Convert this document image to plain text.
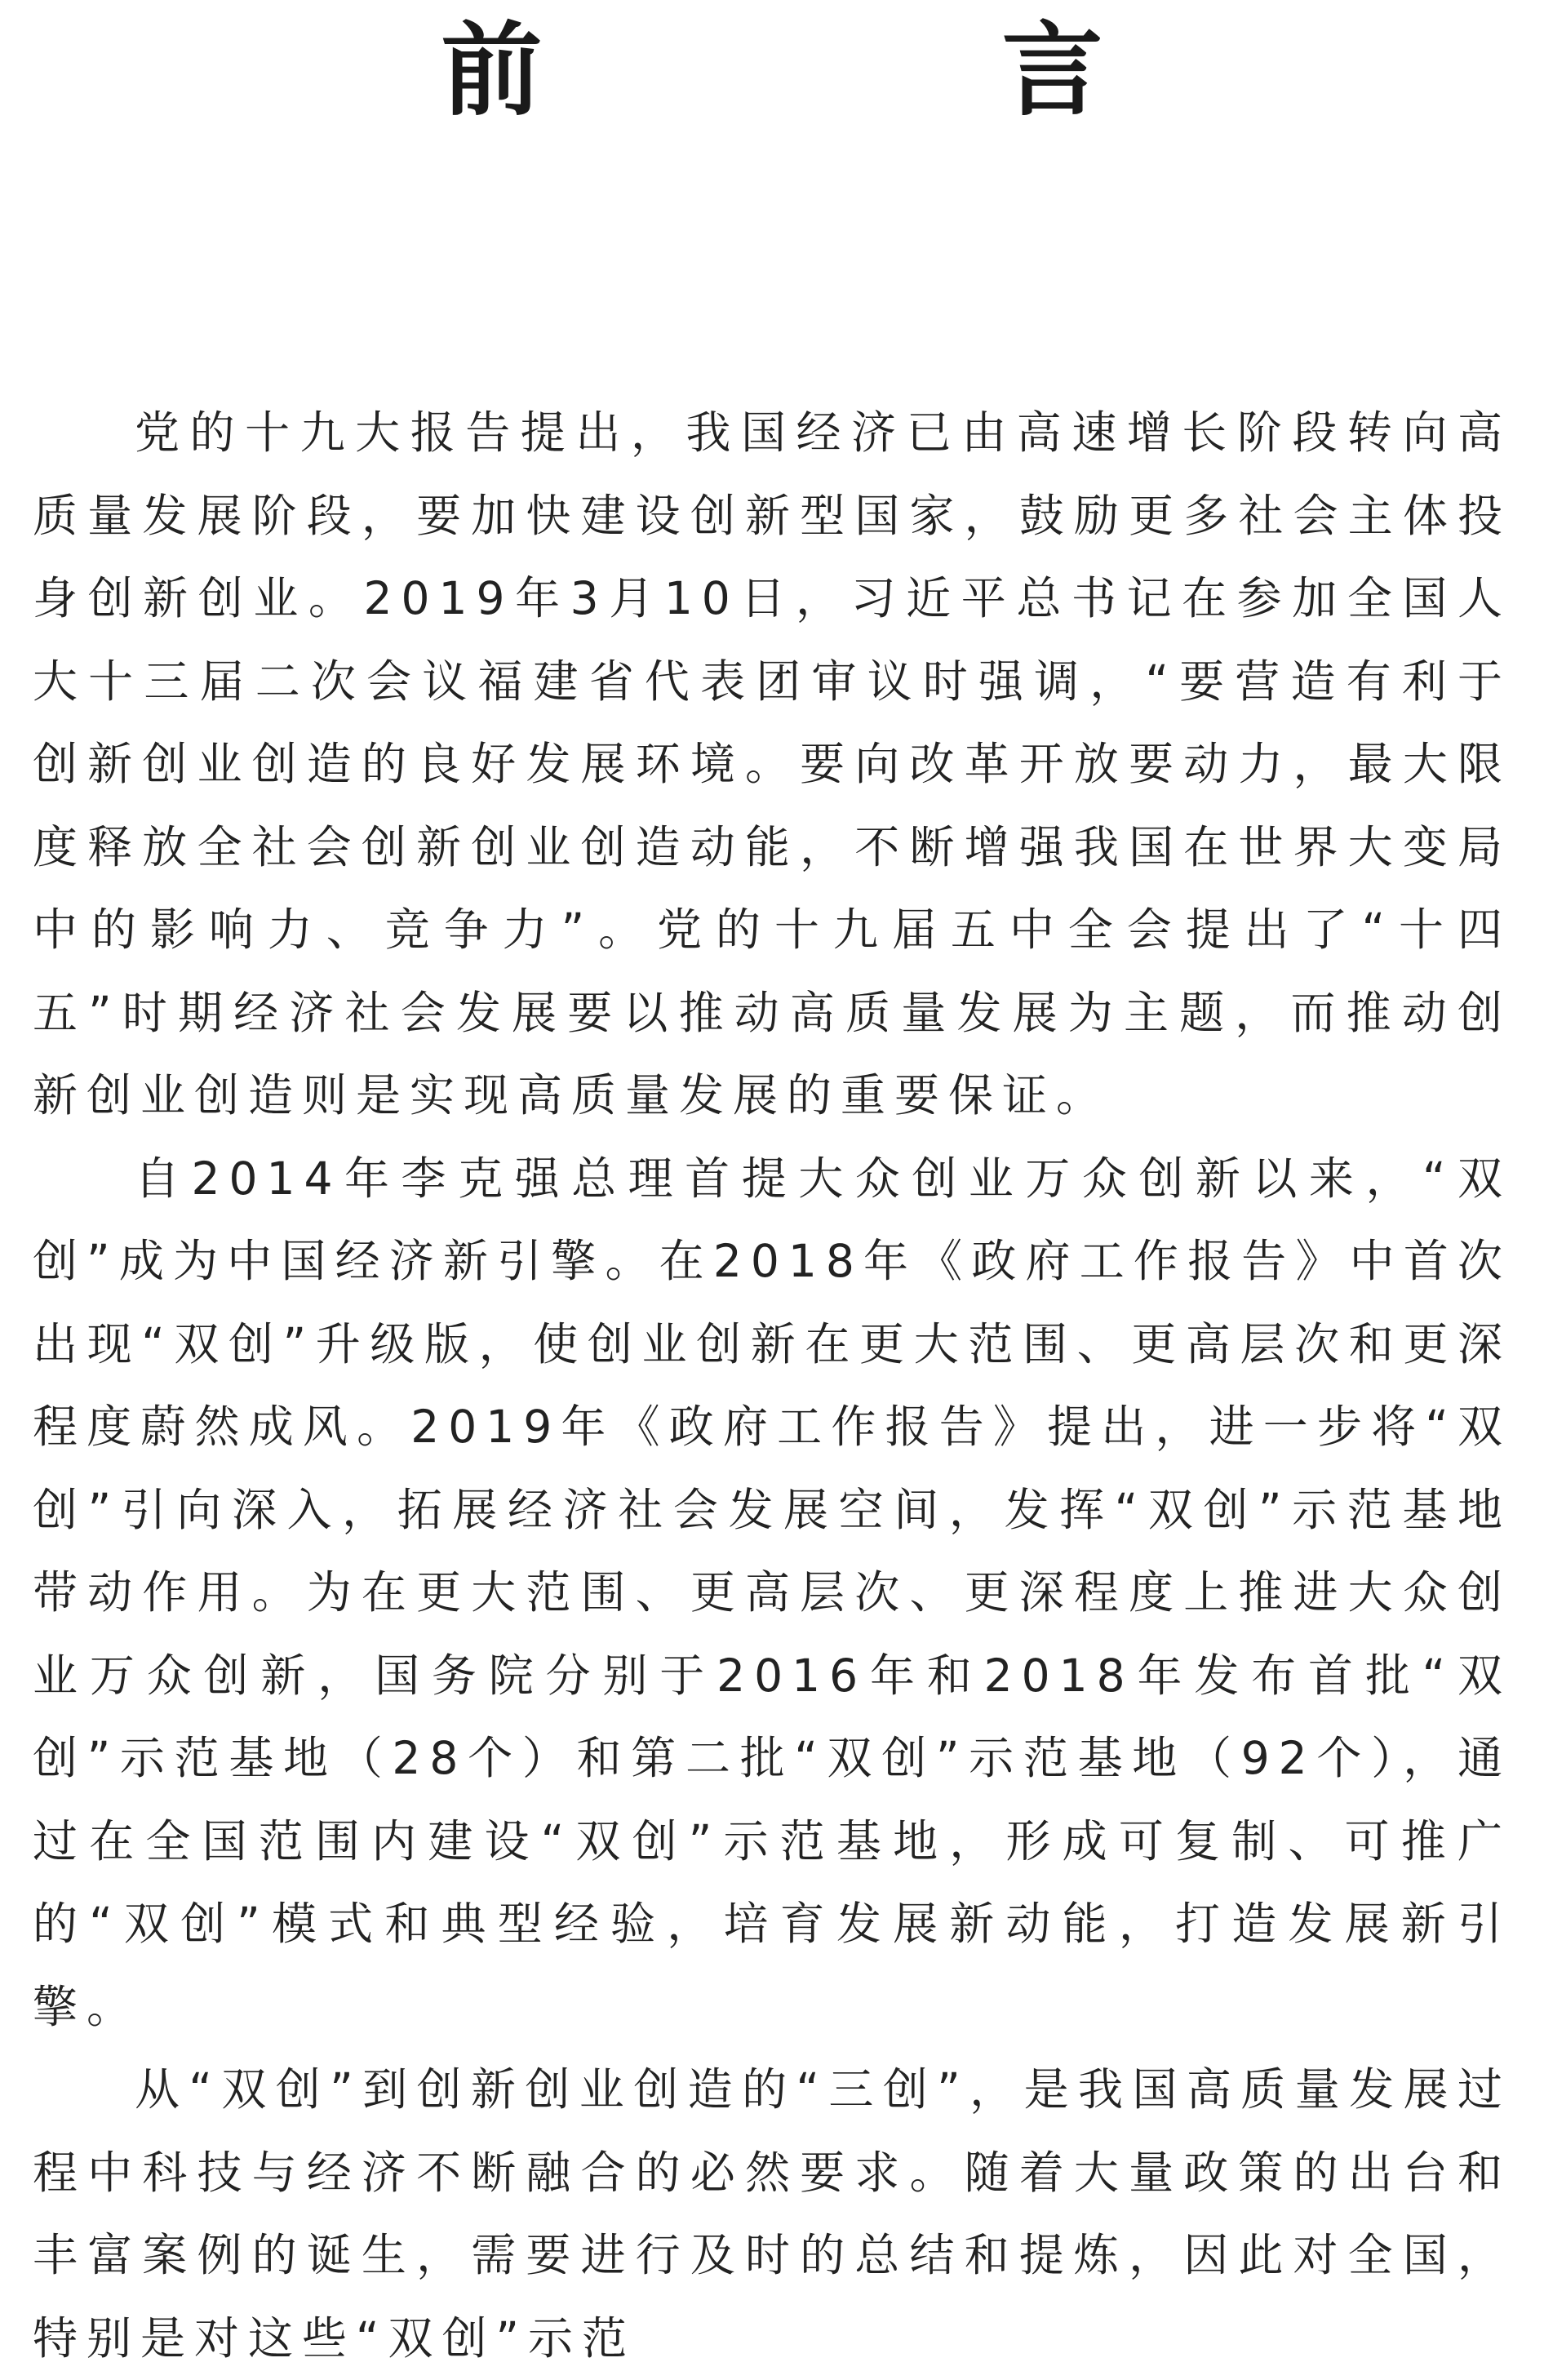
前 言

党的十九大报告提出，我国经济已由高速增长阶段转向高质量发展阶段，要加快建设创新型国家，鼓励更多社会主体投身创新创业。2019年3月10日，习近平总书记在参加全国人大十三届二次会议福建省代表团审议时强调，“要营造有利于创新创业创造的良好发展环境。要向改革开放要动力，最大限度释放全社会创新创业创造动能，不断增强我国在世界大变局中的影响力、竞争力”。党的十九届五中全会提出了“十四五”时期经济社会发展要以推动高质量发展为主题，而推动创新创业创造则是实现高质量发展的重要保证。

自2014年李克强总理首提大众创业万众创新以来，“双创”成为中国经济新引擎。在2018年《政府工作报告》中首次出现“双创”升级版，使创业创新在更大范围、更高层次和更深程度蔚然成风。2019年《政府工作报告》提出，进一步将“双创”引向深入，拓展经济社会发展空间，发挥“双创”示范基地带动作用。为在更大范围、更高层次、更深程度上推进大众创业万众创新，国务院分别于2016年和2018年发布首批“双创”示范基地（28个）和第二批“双创”示范基地（92个），通过在全国范围内建设“双创”示范基地，形成可复制、可推广的“双创”模式和典型经验，培育发展新动能，打造发展新引擎。

从“双创”到创新创业创造的“三创”，是我国高质量发展过程中科技与经济不断融合的必然要求。随着大量政策的出台和丰富案例的诞生，需要进行及时的总结和提炼，因此对全国，特别是对这些“双创”示范
